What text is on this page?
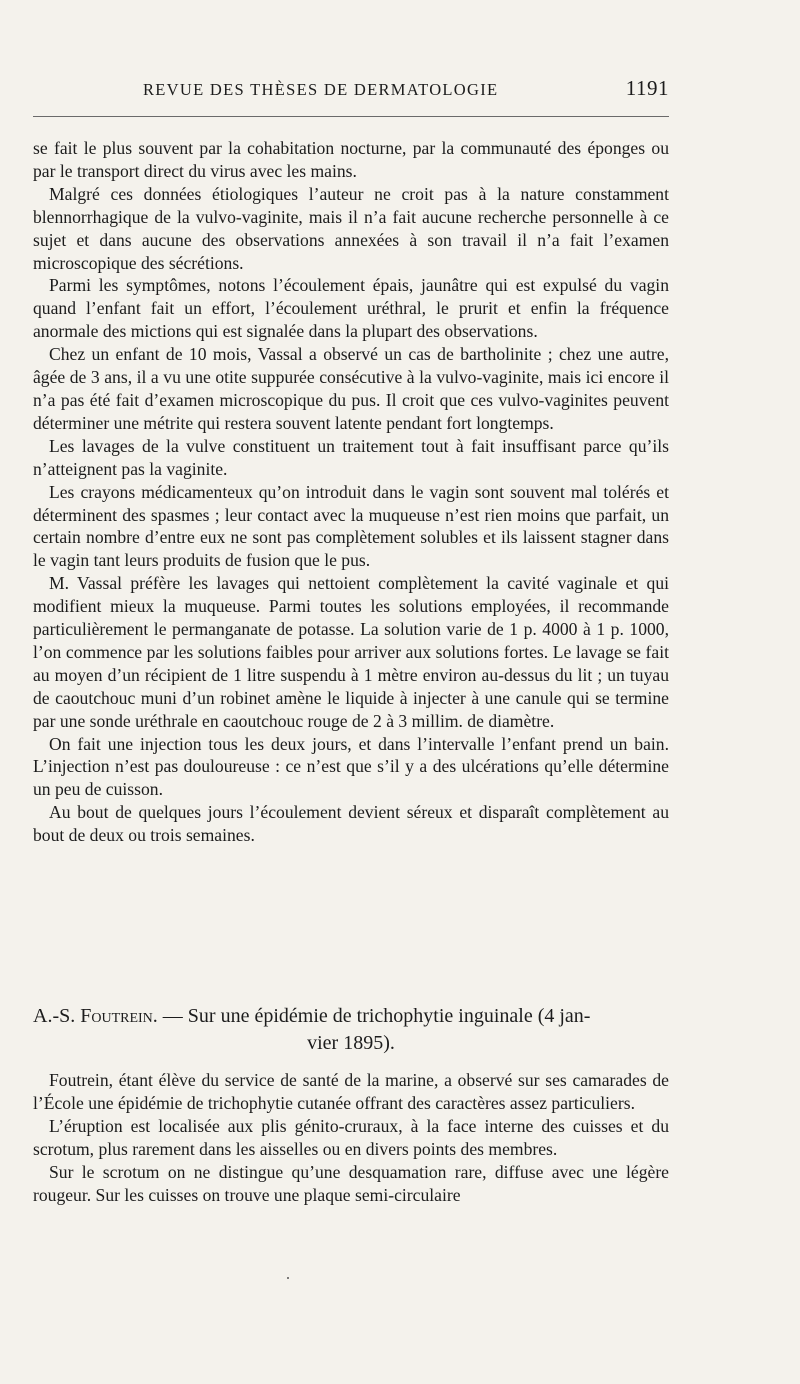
REVUE DES THÈSES DE DERMATOLOGIE	1191

se fait le plus souvent par la cohabitation nocturne, par la communauté des éponges ou par le transport direct du virus avec les mains.

Malgré ces données étiologiques l’auteur ne croit pas à la nature constamment blennorrhagique de la vulvo-vaginite, mais il n’a fait aucune recherche personnelle à ce sujet et dans aucune des observations annexées à son travail il n’a fait l’examen microscopique des sécrétions.

Parmi les symptômes, notons l’écoulement épais, jaunâtre qui est expulsé du vagin quand l’enfant fait un effort, l’écoulement uréthral, le prurit et enfin la fréquence anormale des mictions qui est signalée dans la plupart des observations.

Chez un enfant de 10 mois, Vassal a observé un cas de bartholinite ; chez une autre, âgée de 3 ans, il a vu une otite suppurée consécutive à la vulvo-vaginite, mais ici encore il n’a pas été fait d’examen microscopique du pus. Il croit que ces vulvo-vaginites peuvent déterminer une métrite qui restera souvent latente pendant fort longtemps.

Les lavages de la vulve constituent un traitement tout à fait insuffisant parce qu’ils n’atteignent pas la vaginite.

Les crayons médicamenteux qu’on introduit dans le vagin sont souvent mal tolérés et déterminent des spasmes ; leur contact avec la muqueuse n’est rien moins que parfait, un certain nombre d’entre eux ne sont pas complètement solubles et ils laissent stagner dans le vagin tant leurs produits de fusion que le pus.

M. Vassal préfère les lavages qui nettoient complètement la cavité vaginale et qui modifient mieux la muqueuse. Parmi toutes les solutions employées, il recommande particulièrement le permanganate de potasse. La solution varie de 1 p. 4000 à 1 p. 1000, l’on commence par les solutions faibles pour arriver aux solutions fortes. Le lavage se fait au moyen d’un récipient de 1 litre suspendu à 1 mètre environ au-dessus du lit ; un tuyau de caoutchouc muni d’un robinet amène le liquide à injecter à une canule qui se termine par une sonde uréthrale en caoutchouc rouge de 2 à 3 millim. de diamètre.

On fait une injection tous les deux jours, et dans l’intervalle l’enfant prend un bain. L’injection n’est pas douloureuse : ce n’est que s’il y a des ulcérations qu’elle détermine un peu de cuisson.

Au bout de quelques jours l’écoulement devient séreux et disparaît complètement au bout de deux ou trois semaines.

A.-S. Foutrein. — Sur une épidémie de trichophytie inguinale (4 jan-
vier 1895).

Foutrein, étant élève du service de santé de la marine, a observé sur ses camarades de l’École une épidémie de trichophytie cutanée offrant des caractères assez particuliers.

L’éruption est localisée aux plis génito-cruraux, à la face interne des cuisses et du scrotum, plus rarement dans les aisselles ou en divers points des membres.

Sur le scrotum on ne distingue qu’une desquamation rare, diffuse avec une légère rougeur. Sur les cuisses on trouve une plaque semi-circulaire
